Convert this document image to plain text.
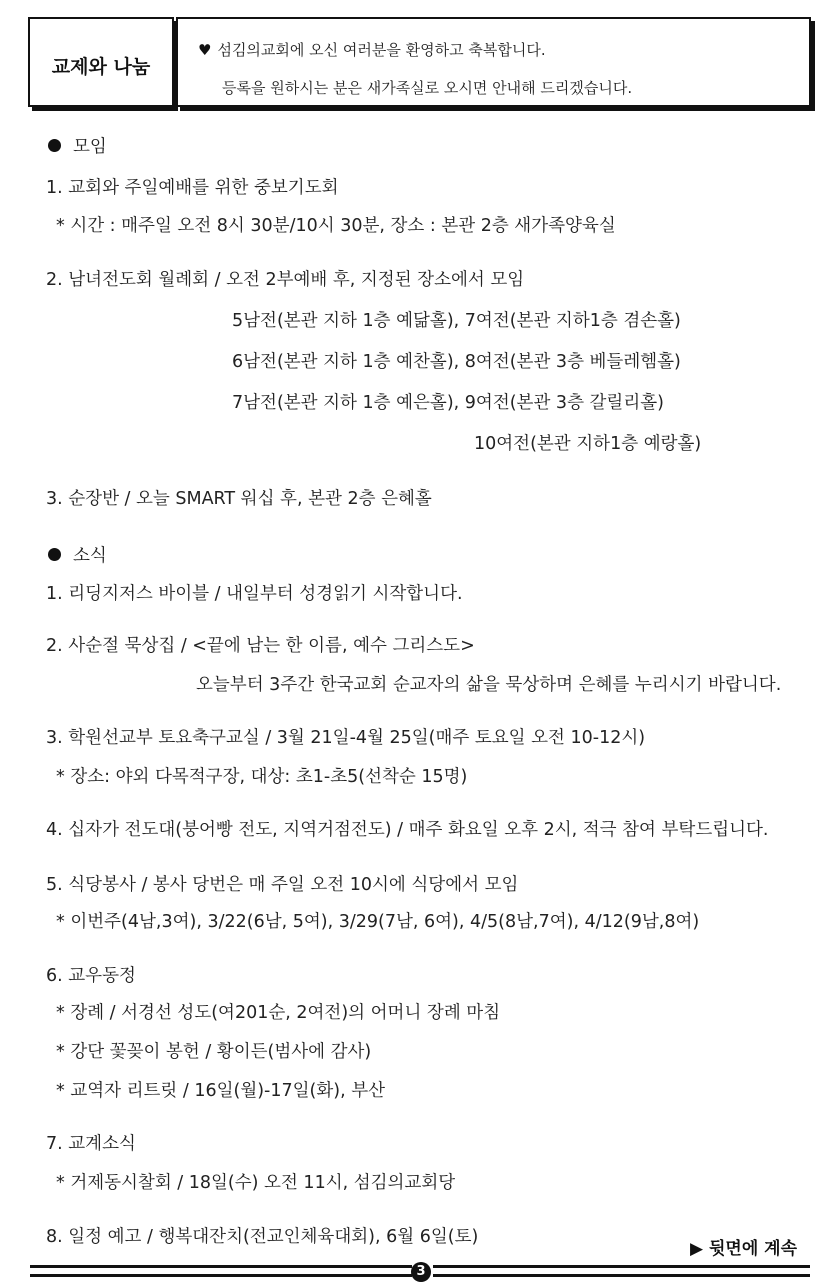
교제와 나눔
♥ 섬김의교회에 오신 여러분을 환영하고 축복합니다.
등록을 원하시는 분은 새가족실로 오시면 안내해 드리겠습니다.
모임
1. 교회와 주일예배를 위한 중보기도회
* 시간 : 매주일 오전 8시 30분/10시 30분, 장소 : 본관 2층 새가족양육실
2. 남녀전도회 월례회 / 오전 2부예배 후, 지정된 장소에서 모임
5남전(본관 지하 1층 예닮홀), 7여전(본관 지하1층 겸손홀)
6남전(본관 지하 1층 예찬홀), 8여전(본관 3층 베들레헴홀)
7남전(본관 지하 1층 예은홀), 9여전(본관 3층 갈릴리홀)
10여전(본관 지하1층 예랑홀)
3. 순장반 / 오늘 SMART 워십 후, 본관 2층 은혜홀
소식
1. 리딩지저스 바이블 / 내일부터 성경읽기 시작합니다.
2. 사순절 묵상집 / <끝에 남는 한 이름, 예수 그리스도>
오늘부터 3주간 한국교회 순교자의 삶을 묵상하며 은혜를 누리시기 바랍니다.
3. 학원선교부 토요축구교실 / 3월 21일-4월 25일(매주 토요일 오전 10-12시)
* 장소: 야외 다목적구장, 대상: 초1-초5(선착순 15명)
4. 십자가 전도대(붕어빵 전도, 지역거점전도) / 매주 화요일 오후 2시, 적극 참여 부탁드립니다.
5. 식당봉사 / 봉사 당번은 매 주일 오전 10시에 식당에서 모임
* 이번주(4남,3여), 3/22(6남, 5여), 3/29(7남, 6여), 4/5(8남,7여), 4/12(9남,8여)
6. 교우동정
* 장례 / 서경선 성도(여201순, 2여전)의 어머니 장례 마침
* 강단 꽃꽂이 봉헌 / 황이든(범사에 감사)
* 교역자 리트릿 / 16일(월)-17일(화), 부산
7. 교계소식
* 거제동시찰회 / 18일(수) 오전 11시, 섬김의교회당
8. 일정 예고 / 행복대잔치(전교인체육대회), 6월 6일(토)
▶ 뒷면에 계속
3
